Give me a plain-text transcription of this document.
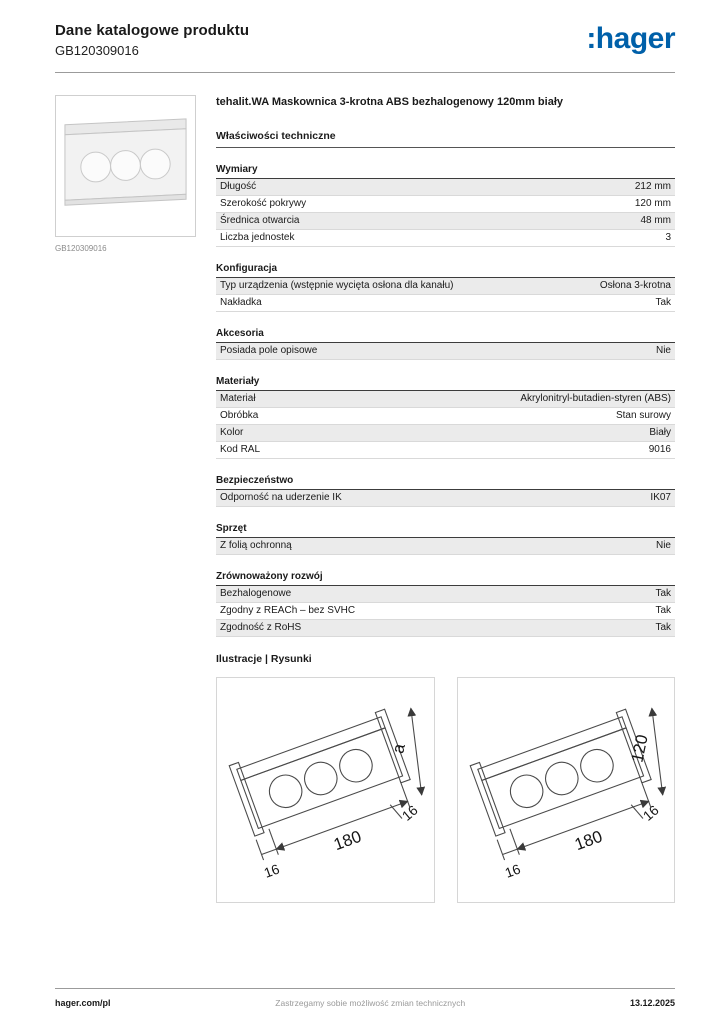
Dane katalogowe produktu
GB120309016	:hager
GB120309016
tehalit.WA Maskownica 3-krotna ABS bezhalogenowy 120mm biały
Właściwości techniczne
Wymiary
Długość	212 mm
Szerokość pokrywy	120 mm
Średnica otwarcia	48 mm
Liczba jednostek	3
Konfiguracja
Typ urządzenia (wstępnie wycięta osłona dla kanału)	Osłona 3-krotna
Nakładka	Tak
Akcesoria
Posiada pole opisowe	Nie
Materiały
Materiał	Akrylonitryl-butadien-styren (ABS)
Obróbka	Stan surowy
Kolor	Biały
Kod RAL	9016
Bezpieczeństwo
Odporność na uderzenie IK	IK07
Sprzęt
Z folią ochronną	Nie
Zrównoważony rozwój
Bezhalogenowe	Tak
Zgodny z REACh – bez SVHC	Tak
Zgodność z RoHS	Tak
Ilustracje | Rysunki
180
16
a
16
180
16
120
16
hager.com/pl	Zastrzegamy sobie możliwość zmian technicznych	13.12.2025
